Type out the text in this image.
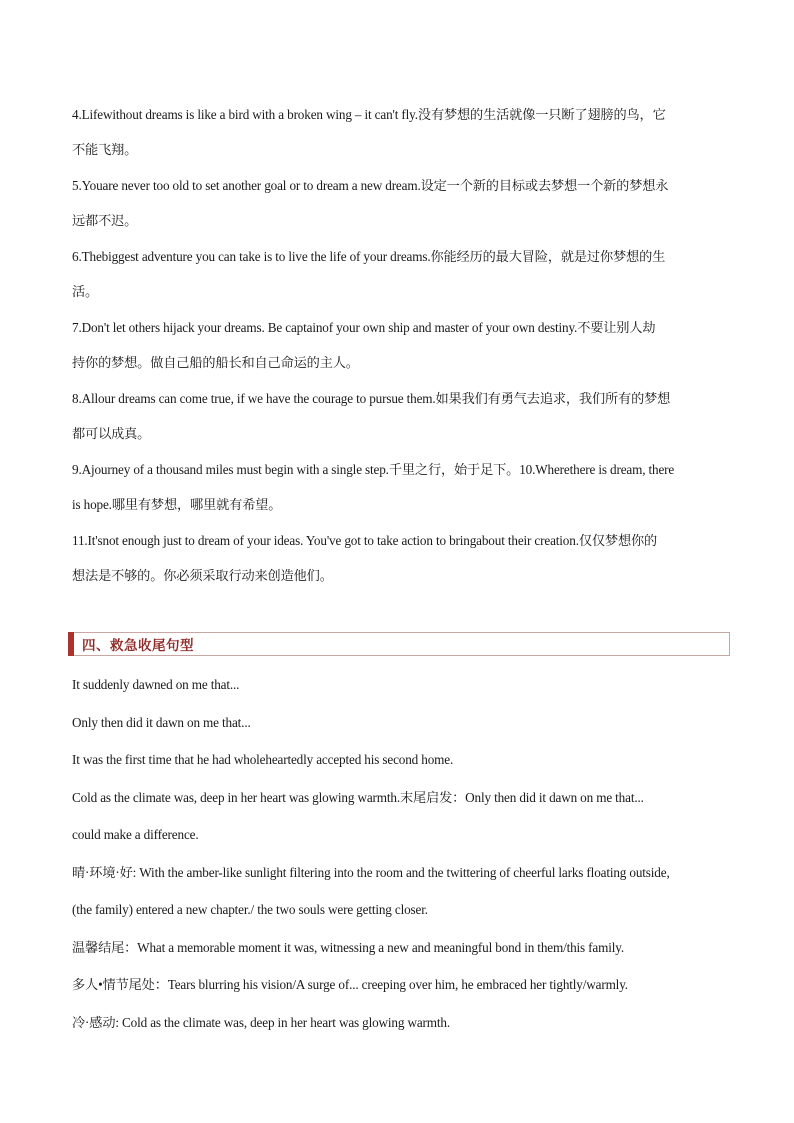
4.Lifewithout dreams is like a bird with a broken wing – it can't fly.没有梦想的生活就像一只断了翅膀的鸟，它
不能飞翔。

5.Youare never too old to set another goal or to dream a new dream.设定一个新的目标或去梦想一个新的梦想永
远都不迟。

6.Thebiggest adventure you can take is to live the life of your dreams.你能经历的最大冒险，就是过你梦想的生
活。

7.Don't let others hijack your dreams. Be captainof your own ship and master of your own destiny.不要让别人劫
持你的梦想。做自己船的船长和自己命运的主人。

8.Allour dreams can come true, if we have the courage to pursue them.如果我们有勇气去追求，我们所有的梦想
都可以成真。

9.Ajourney of a thousand miles must begin with a single step.千里之行，始于足下。10.Wherethere is dream, there
is hope.哪里有梦想，哪里就有希望。

11.It'snot enough just to dream of your ideas. You've got to take action to bringabout their creation.仅仅梦想你的
想法是不够的。你必须采取行动来创造他们。

四、救急收尾句型

It suddenly dawned on me that...

Only then did it dawn on me that...

It was the first time that he had wholeheartedly accepted his second home.

Cold as the climate was, deep in her heart was glowing warmth.末尾启发：Only then did it dawn on me that...

could make a difference.

晴·环境·好: With the amber-like sunlight filtering into the room and the twittering of cheerful larks floating outside,

(the family) entered a new chapter./ the two souls were getting closer.

温馨结尾：What a memorable moment it was, witnessing a new and meaningful bond in them/this family.

多人•情节尾处：Tears blurring his vision/A surge of... creeping over him, he embraced her tightly/warmly.

冷·感动: Cold as the climate was, deep in her heart was glowing warmth.
